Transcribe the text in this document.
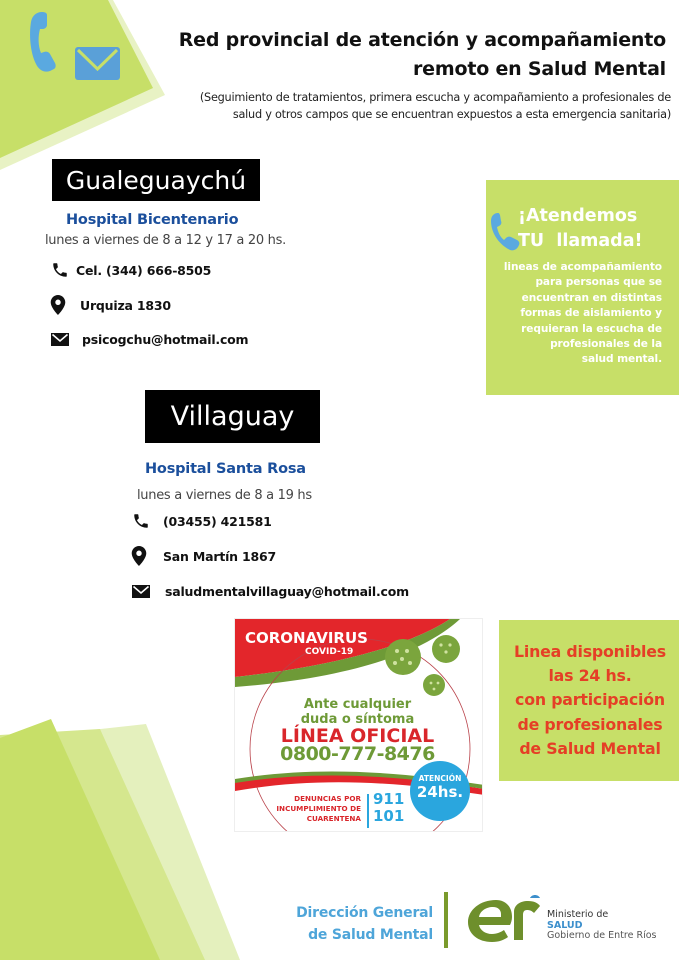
Red provincial de atención y acompañamiento
remoto en Salud Mental
(Seguimiento de tratamientos, primera escucha y acompañamiento a profesionales de
salud y otros campos que se encuentran expuestos a esta emergencia sanitaria)
Gualeguaychú
Hospital Bicentenario
lunes a viernes de 8 a 12 y 17 a 20 hs.
Cel. (344) 666-8505
Urquiza 1830
psicogchu@hotmail.com
Villaguay
Hospital Santa Rosa
lunes a viernes de 8 a 19 hs
(03455) 421581
San Martín 1867
saludmentalvillaguay@hotmail.com
¡Atendemos
TU  llamada!
lineas de acompañamiento
para personas que se
encuentran en distintas
formas de aislamiento y
requieran la escucha de
profesionales de la
salud mental.
CORONAVIRUS
COVID-19
Ante cualquier
duda o síntoma
LÍNEA OFICIAL
0800-777-8476
ATENCIÓN
24hs.
DENUNCIAS POR
INCUMPLIMIENTO DE
CUARENTENA
911
101
Linea disponibles
las 24 hs.
con participación
de profesionales
de Salud Mental
Dirección General
de Salud Mental
Ministerio de
SALUD
Gobierno de Entre Ríos
